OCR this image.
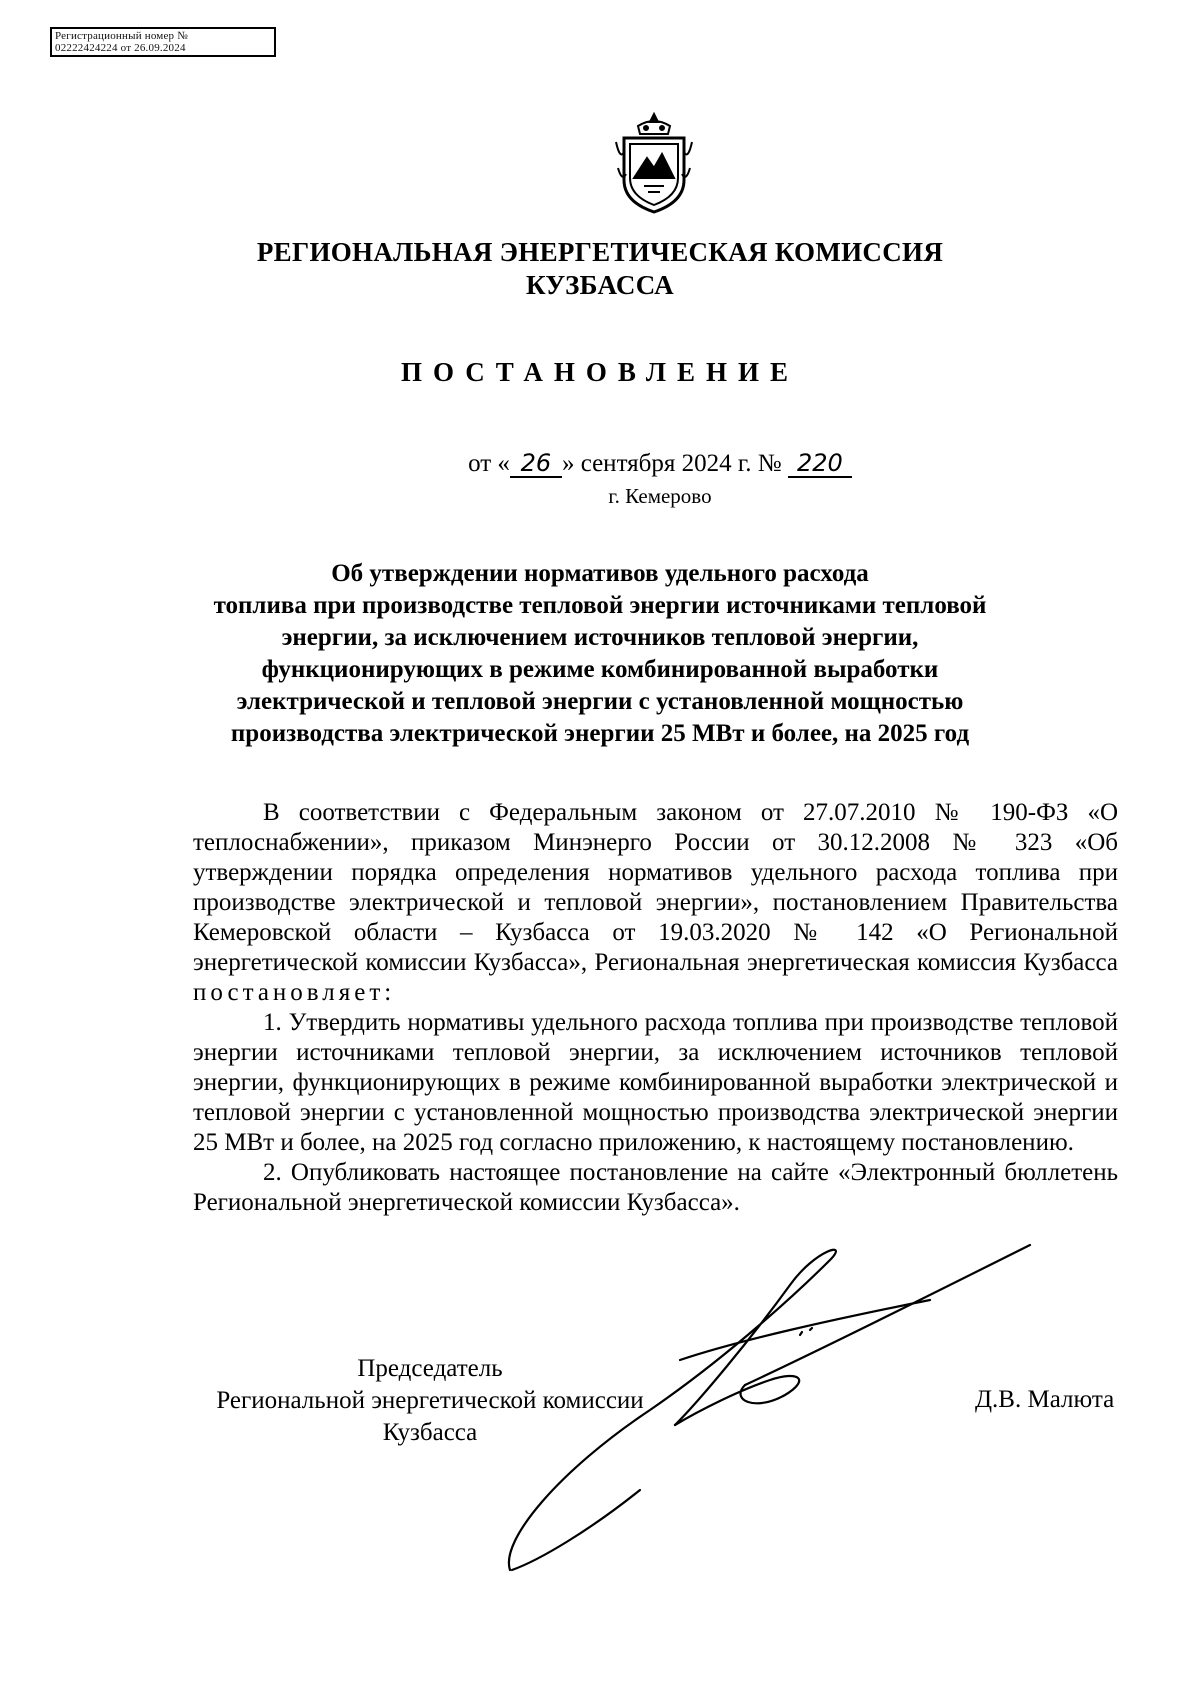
Регистрационный номер №
02222424224 от 26.09.2024
РЕГИОНАЛЬНАЯ ЭНЕРГЕТИЧЕСКАЯ КОМИССИЯ
КУЗБАССА
ПОСТАНОВЛЕНИЕ
от « 26 » сентября 2024 г. № 220
г. Кемерово
Об утверждении нормативов удельного расхода
топлива при производстве тепловой энергии источниками тепловой
энергии, за исключением источников тепловой энергии,
функционирующих в режиме комбинированной выработки
электрической и тепловой энергии с установленной мощностью
производства электрической энергии 25 МВт и более, на 2025 год

В соответствии с Федеральным законом от 27.07.2010 № 190-ФЗ «О теплоснабжении», приказом Минэнерго России от 30.12.2008 № 323 «Об утверждении порядка определения нормативов удельного расхода топлива при производстве электрической и тепловой энергии», постановлением Правительства Кемеровской области – Кузбасса от 19.03.2020 № 142 «О Региональной энергетической комиссии Кузбасса», Региональная энергетическая комиссия Кузбасса постановляет:

1. Утвердить нормативы удельного расхода топлива при производстве тепловой энергии источниками тепловой энергии, за исключением источников тепловой энергии, функционирующих в режиме комбинированной выработки электрической и тепловой энергии с установленной мощностью производства электрической энергии 25 МВт и более, на 2025 год согласно приложению, к настоящему постановлению.

2. Опубликовать настоящее постановление на сайте «Электронный бюллетень Региональной энергетической комиссии Кузбасса».

Председатель
Региональной энергетической комиссии
Кузбасса
Д.В. Малюта
